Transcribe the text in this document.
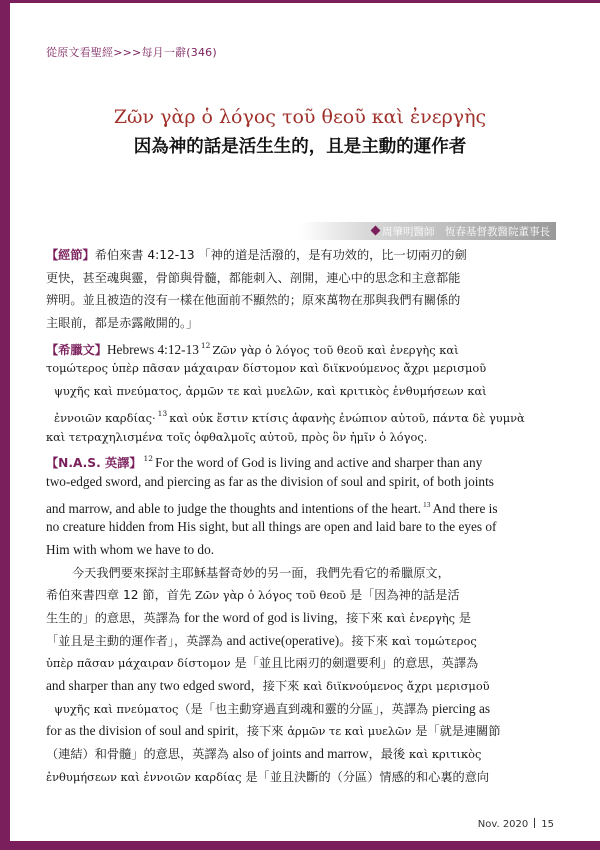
從原文看聖經>>>每月一辭(346)
Ζῶν γὰρ ὁ λόγος τοῦ θεοῦ καὶ ἐνεργὴς
因為神的話是活生生的，且是主動的運作者
周肇明醫師　恆春基督教醫院董事長
【經節】希伯來書 4:12-13 「神的道是活潑的，是有功效的，比一切兩刃的劍
更快，甚至魂與靈，骨節與骨髓，都能刺入、剖開，連心中的思念和主意都能
辨明。並且被造的沒有一樣在他面前不顯然的；原來萬物在那與我們有關係的
主眼前，都是赤露敞開的。」
【希臘文】Hebrews 4:12-13 $^{12}$ Ζῶν γὰρ ὁ λόγος τοῦ θεοῦ καὶ ἐνεργὴς καὶ
τομώτερος ὑπὲρ πᾶσαν μάχαιραν δίστομον καὶ διϊκνούμενος ἄχρι μερισμοῦ
ψυχῆς καὶ πνεύματος, ἁρμῶν τε καὶ μυελῶν, καὶ κριτικὸς ἐνθυμήσεων καὶ
ἐννοιῶν καρδίας· $^{13}$ καὶ οὐκ ἔστιν κτίσις ἀφανὴς ἐνώπιον αὐτοῦ, πάντα δὲ γυμνὰ
καὶ τετραχηλισμένα τοῖς ὀφθαλμοῖς αὐτοῦ, πρὸς ὃν ἡμῖν ὁ λόγος.
【N.A.S. 英譯】 $^{12}$ For the word of God is living and active and sharper than any
two-edged sword, and piercing as far as the division of soul and spirit, of both joints
and marrow, and able to judge the thoughts and intentions of the heart. $^{13}$ And there is
no creature hidden from His sight, but all things are open and laid bare to the eyes of
Him with whom we have to do.
今天我們要來探討主耶穌基督奇妙的另一面，我們先看它的希臘原文，
希伯來書四章 12 節，首先 Ζῶν γὰρ ὁ λόγος τοῦ θεοῦ 是「因為神的話是活
生生的」的意思，英譯為 for the word of god is living，接下來 καὶ ἐνεργὴς 是
「並且是主動的運作者」，英譯為 and active(operative)。接下來 καὶ τομώτερος
ὑπὲρ πᾶσαν μάχαιραν δίστομον 是「並且比兩刃的劍還要利」的意思，英譯為
and sharper than any two edged sword，接下來 καὶ διϊκνούμενος ἄχρι μερισμοῦ
ψυχῆς καὶ πνεύματος（是「也主動穿過直到魂和靈的分區」，英譯為 piercing as
for as the division of soul and spirit，接下來 ἁρμῶν τε καὶ μυελῶν 是「就是連關節
（連結）和骨髓」的意思，英譯為 also of joints and marrow，最後 καὶ κριτικὸς
ἐνθυμήσεων καὶ ἐννοιῶν καρδίας 是「並且決斷的（分區）情感的和心裏的意向
Nov. 2020 15
